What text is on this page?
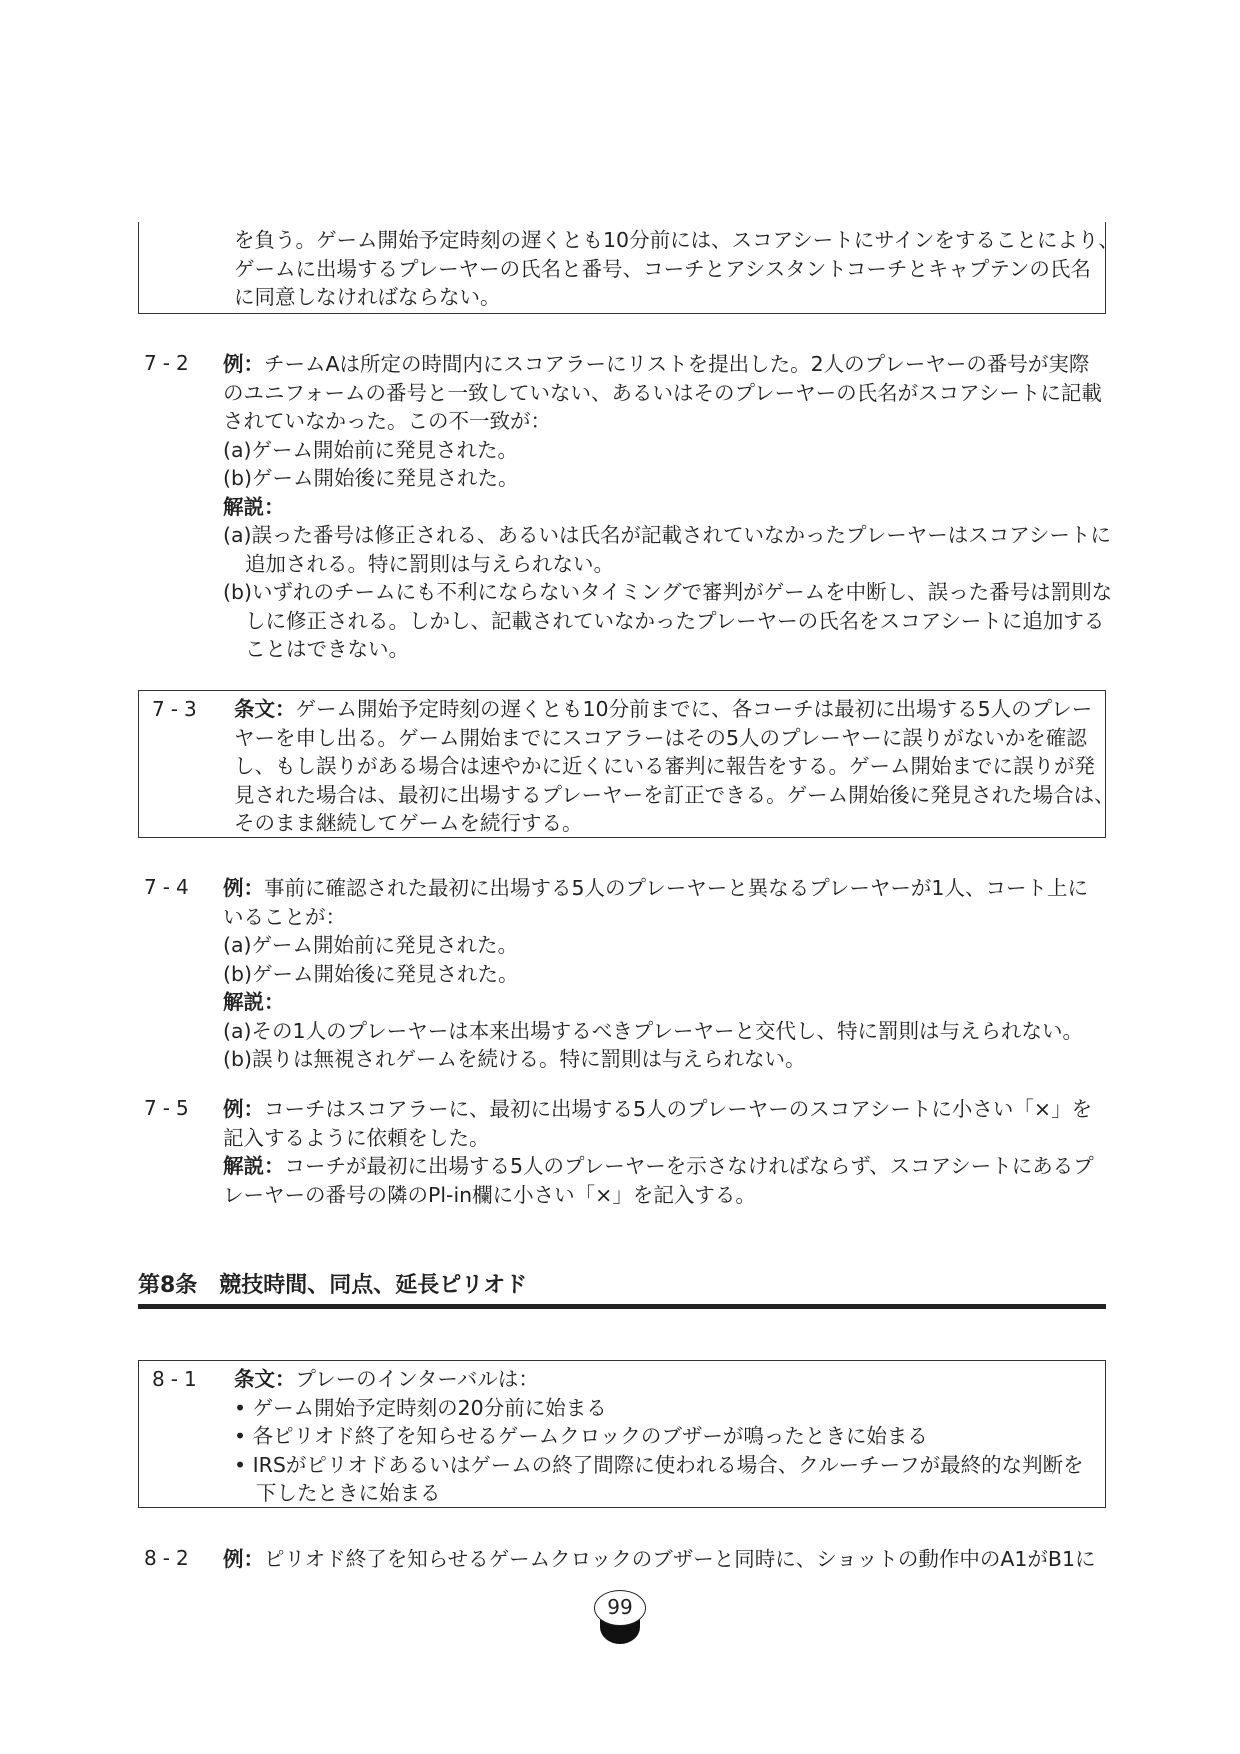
を負う。ゲーム開始予定時刻の遅くとも10分前には、スコアシートにサインをすることにより、
ゲームに出場するプレーヤーの氏名と番号、コーチとアシスタントコーチとキャプテンの氏名
に同意しなければならない。
7-2 例：チームAは所定の時間内にスコアラーにリストを提出した。2人のプレーヤーの番号が実際
のユニフォームの番号と一致していない、あるいはそのプレーヤーの氏名がスコアシートに記載
されていなかった。この不一致が：
(a)ゲーム開始前に発見された。
(b)ゲーム開始後に発見された。
解説：
(a)誤った番号は修正される、あるいは氏名が記載されていなかったプレーヤーはスコアシートに
追加される。特に罰則は与えられない。
(b)いずれのチームにも不利にならないタイミングで審判がゲームを中断し、誤った番号は罰則な
しに修正される。しかし、記載されていなかったプレーヤーの氏名をスコアシートに追加する
ことはできない。
7-3 条文：ゲーム開始予定時刻の遅くとも10分前までに、各コーチは最初に出場する5人のプレー
ヤーを申し出る。ゲーム開始までにスコアラーはその5人のプレーヤーに誤りがないかを確認
し、もし誤りがある場合は速やかに近くにいる審判に報告をする。ゲーム開始までに誤りが発
見された場合は、最初に出場するプレーヤーを訂正できる。ゲーム開始後に発見された場合は、
そのまま継続してゲームを続行する。
7-4 例：事前に確認された最初に出場する5人のプレーヤーと異なるプレーヤーが1人、コート上に
いることが：
(a)ゲーム開始前に発見された。
(b)ゲーム開始後に発見された。
解説：
(a)その1人のプレーヤーは本来出場するべきプレーヤーと交代し、特に罰則は与えられない。
(b)誤りは無視されゲームを続ける。特に罰則は与えられない。
7-5 例：コーチはスコアラーに、最初に出場する5人のプレーヤーのスコアシートに小さい「×」を
記入するように依頼をした。
解説：コーチが最初に出場する5人のプレーヤーを示さなければならず、スコアシートにあるプ
レーヤーの番号の隣のPl-in欄に小さい「×」を記入する。
第8条　競技時間、同点、延長ピリオド
8-1 条文：プレーのインターバルは：
• ゲーム開始予定時刻の20分前に始まる
• 各ピリオド終了を知らせるゲームクロックのブザーが鳴ったときに始まる
• IRSがピリオドあるいはゲームの終了間際に使われる場合、クルーチーフが最終的な判断を
下したときに始まる
8-2 例：ピリオド終了を知らせるゲームクロックのブザーと同時に、ショットの動作中のA1がB1に
99
